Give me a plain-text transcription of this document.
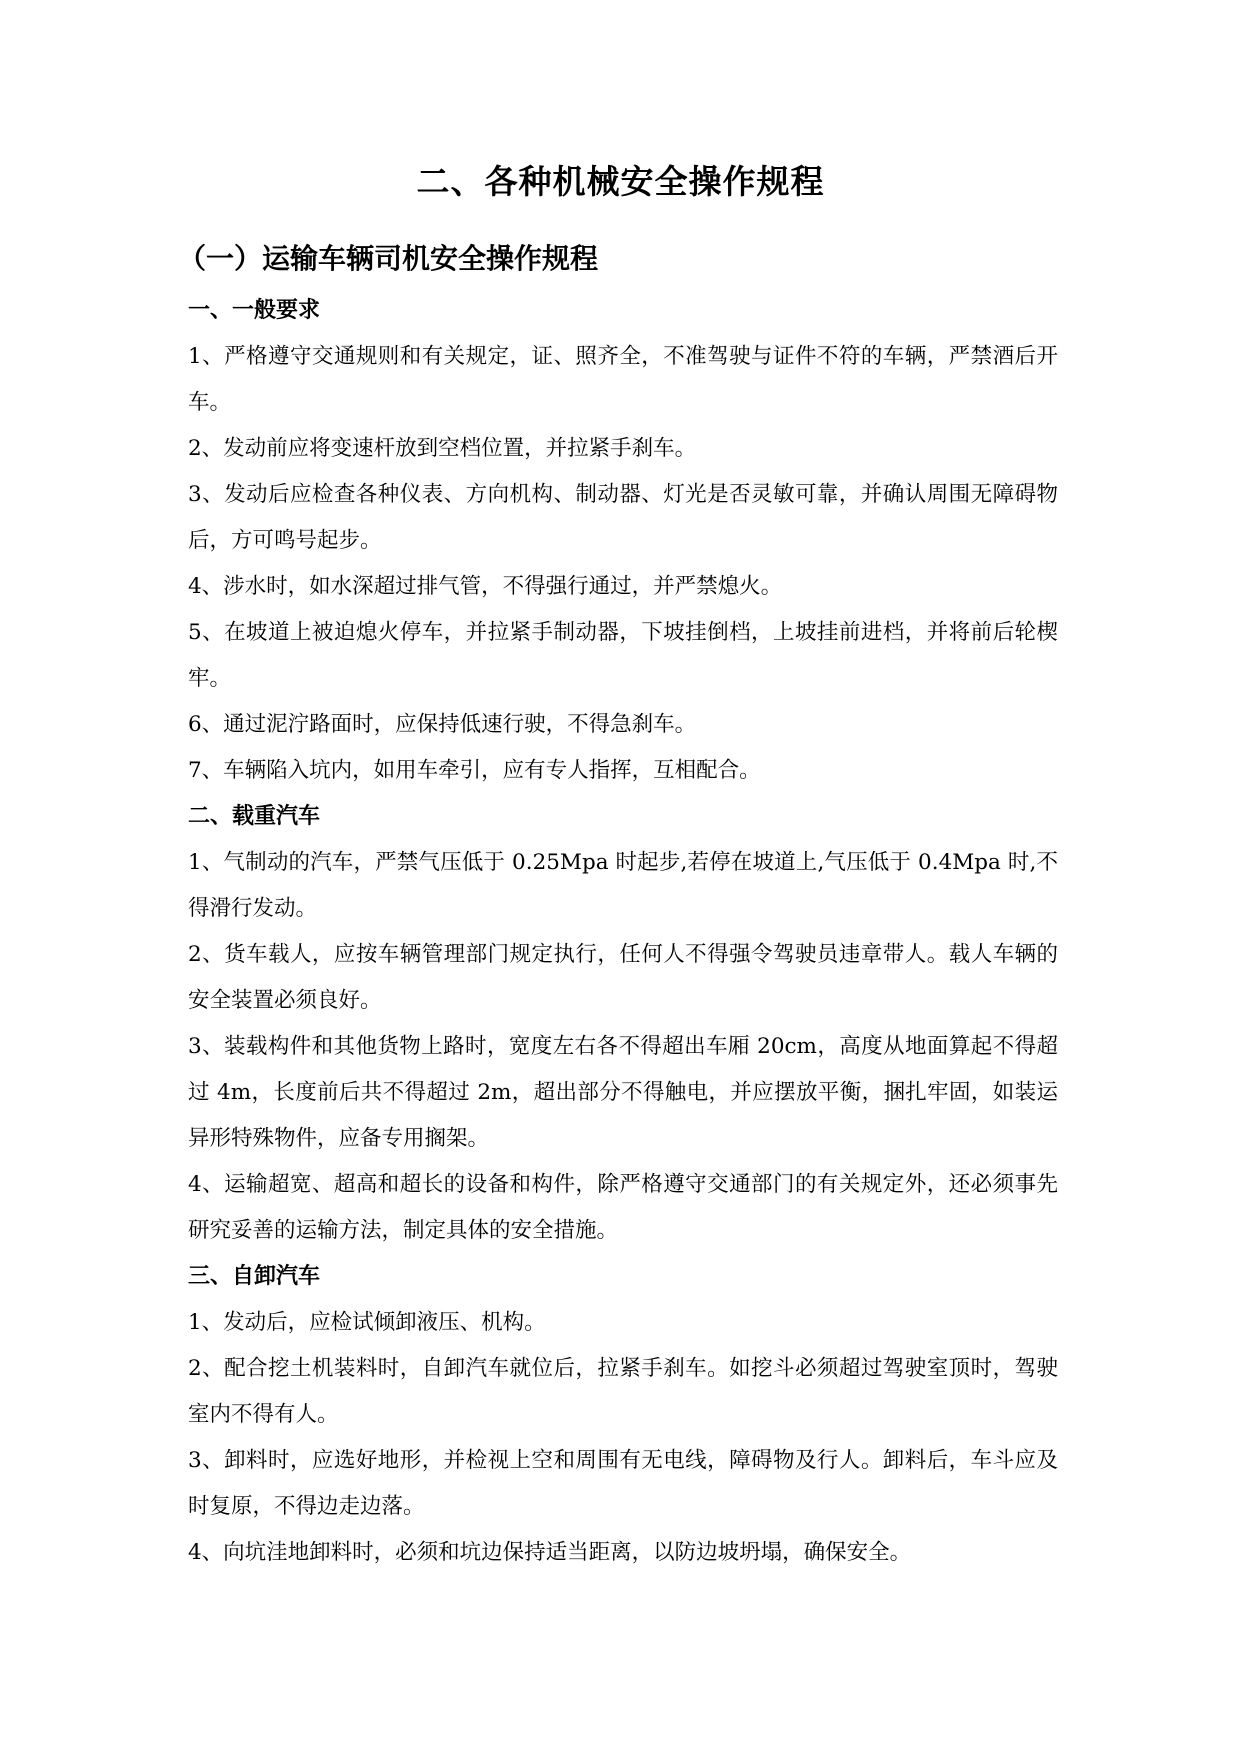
二、各种机械安全操作规程
（一）运输车辆司机安全操作规程
一、一般要求

1、严格遵守交通规则和有关规定，证、照齐全，不准驾驶与证件不符的车辆，严禁酒后开车。

2、发动前应将变速杆放到空档位置，并拉紧手刹车。

3、发动后应检查各种仪表、方向机构、制动器、灯光是否灵敏可靠，并确认周围无障碍物后，方可鸣号起步。

4、涉水时，如水深超过排气管，不得强行通过，并严禁熄火。

5、在坡道上被迫熄火停车，并拉紧手制动器，下坡挂倒档，上坡挂前进档，并将前后轮楔牢。

6、通过泥泞路面时，应保持低速行驶，不得急刹车。

7、车辆陷入坑内，如用车牵引，应有专人指挥，互相配合。

二、载重汽车

1、气制动的汽车，严禁气压低于 0.25Mpa 时起步,若停在坡道上,气压低于 0.4Mpa 时,不得滑行发动。

2、货车载人，应按车辆管理部门规定执行，任何人不得强令驾驶员违章带人。载人车辆的安全装置必须良好。

3、装载构件和其他货物上路时，宽度左右各不得超出车厢 20cm，高度从地面算起不得超过 4m，长度前后共不得超过 2m，超出部分不得触电，并应摆放平衡，捆扎牢固，如装运异形特殊物件，应备专用搁架。

4、运输超宽、超高和超长的设备和构件，除严格遵守交通部门的有关规定外，还必须事先研究妥善的运输方法，制定具体的安全措施。

三、自卸汽车

1、发动后，应检试倾卸液压、机构。

2、配合挖土机装料时，自卸汽车就位后，拉紧手刹车。如挖斗必须超过驾驶室顶时，驾驶室内不得有人。

3、卸料时，应选好地形，并检视上空和周围有无电线，障碍物及行人。卸料后，车斗应及时复原，不得边走边落。

4、向坑洼地卸料时，必须和坑边保持适当距离，以防边坡坍塌，确保安全。
